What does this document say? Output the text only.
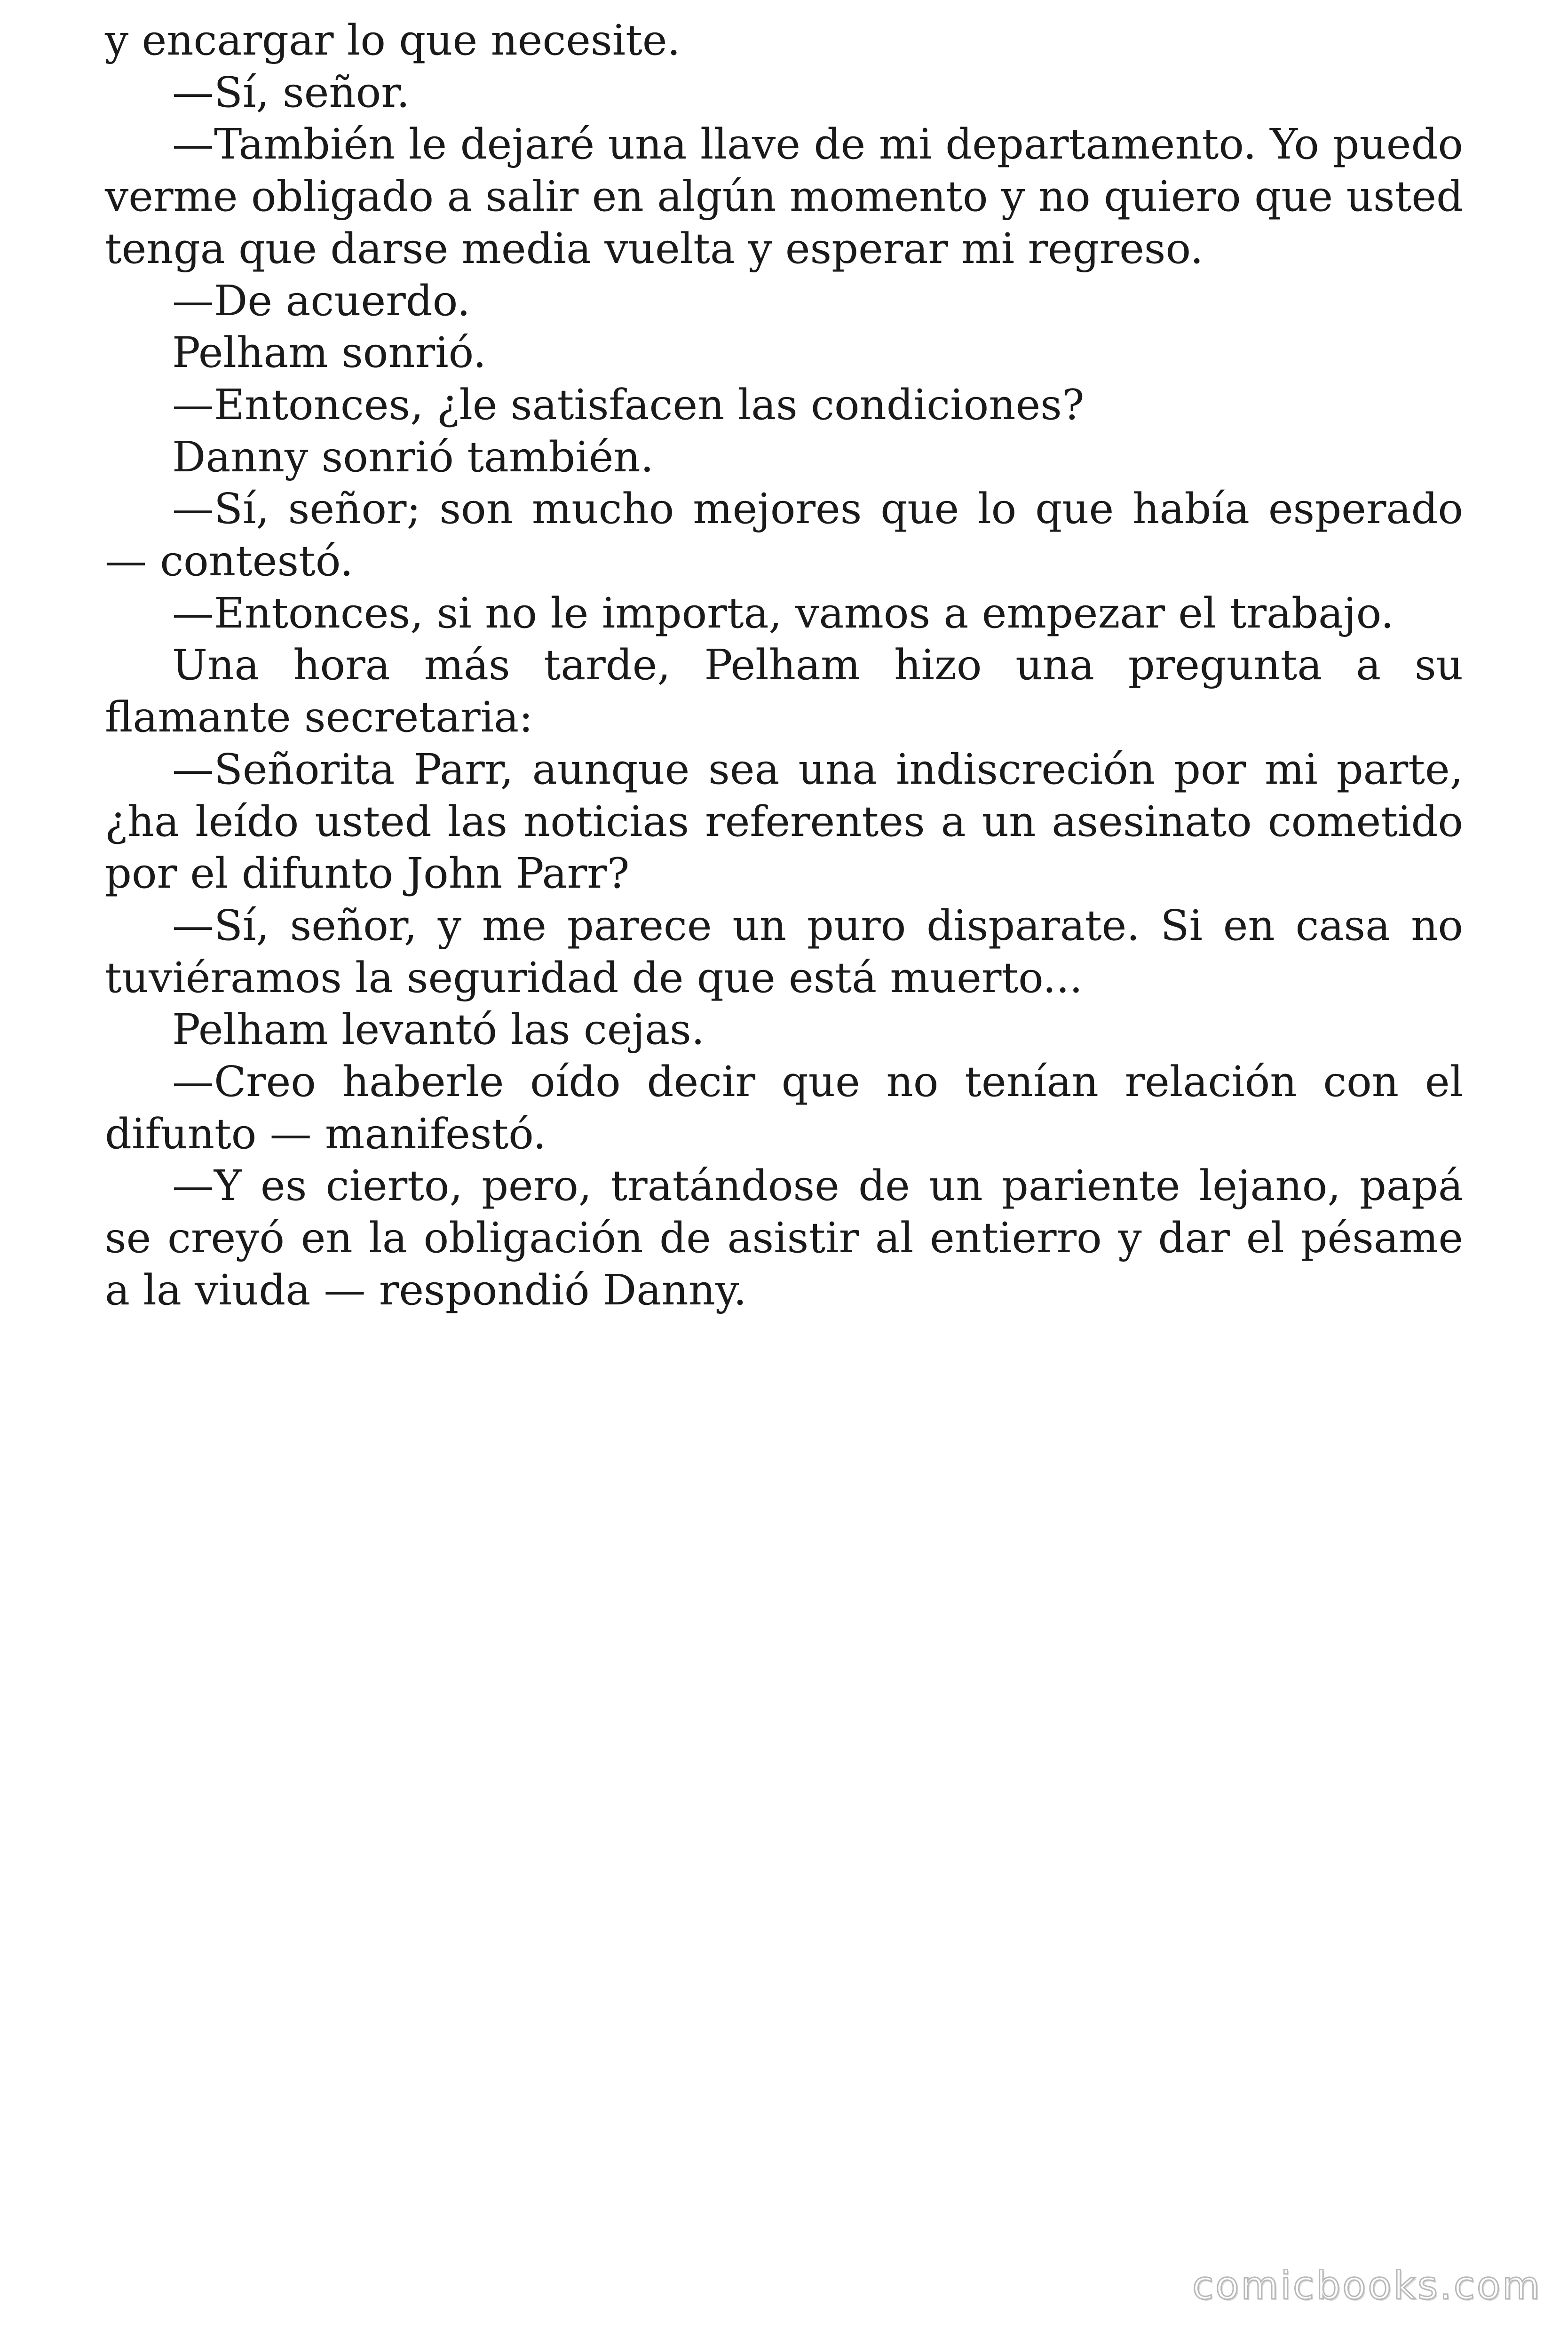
y encargar lo que necesite.

—Sí, señor.

—También le dejaré una llave de mi departamento. Yo puedo verme obligado a salir en algún momento y no quiero que usted tenga que darse media vuelta y esperar mi regreso.

—De acuerdo.

Pelham sonrió.

—Entonces, ¿le satisfacen las condiciones?

Danny sonrió también.

—Sí, señor; son mucho mejores que lo que había esperado — contestó.

—Entonces, si no le importa, vamos a empezar el trabajo.

Una hora más tarde, Pelham hizo una pregunta a su flamante secretaria:

—Señorita Parr, aunque sea una indiscreción por mi parte, ¿ha leído usted las noticias referentes a un asesinato cometido por el difunto John Parr?

—Sí, señor, y me parece un puro disparate. Si en casa no tuviéramos la seguridad de que está muerto...

Pelham levantó las cejas.

—Creo haberle oído decir que no tenían relación con el difunto — manifestó.

—Y es cierto, pero, tratándose de un pariente lejano, papá se creyó en la obligación de asistir al entierro y dar el pésame a la viuda — respondió Danny.

comicbooks.com
